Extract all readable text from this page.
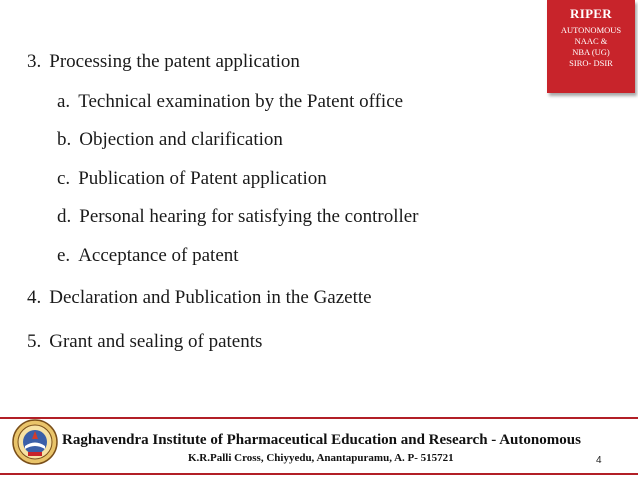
RIPER
AUTONOMOUS
NAAC &
NBA (UG)
SIRO- DSIR
3. Processing the patent application
a. Technical examination by the Patent office
b. Objection and clarification
c. Publication of Patent application
d. Personal hearing for satisfying the controller
e. Acceptance of patent
4. Declaration and Publication in the Gazette
5. Grant and sealing of patents
Raghavendra Institute of Pharmaceutical Education and Research - Autonomous
K.R.Palli Cross, Chiyyedu, Anantapuramu, A. P- 515721	4
